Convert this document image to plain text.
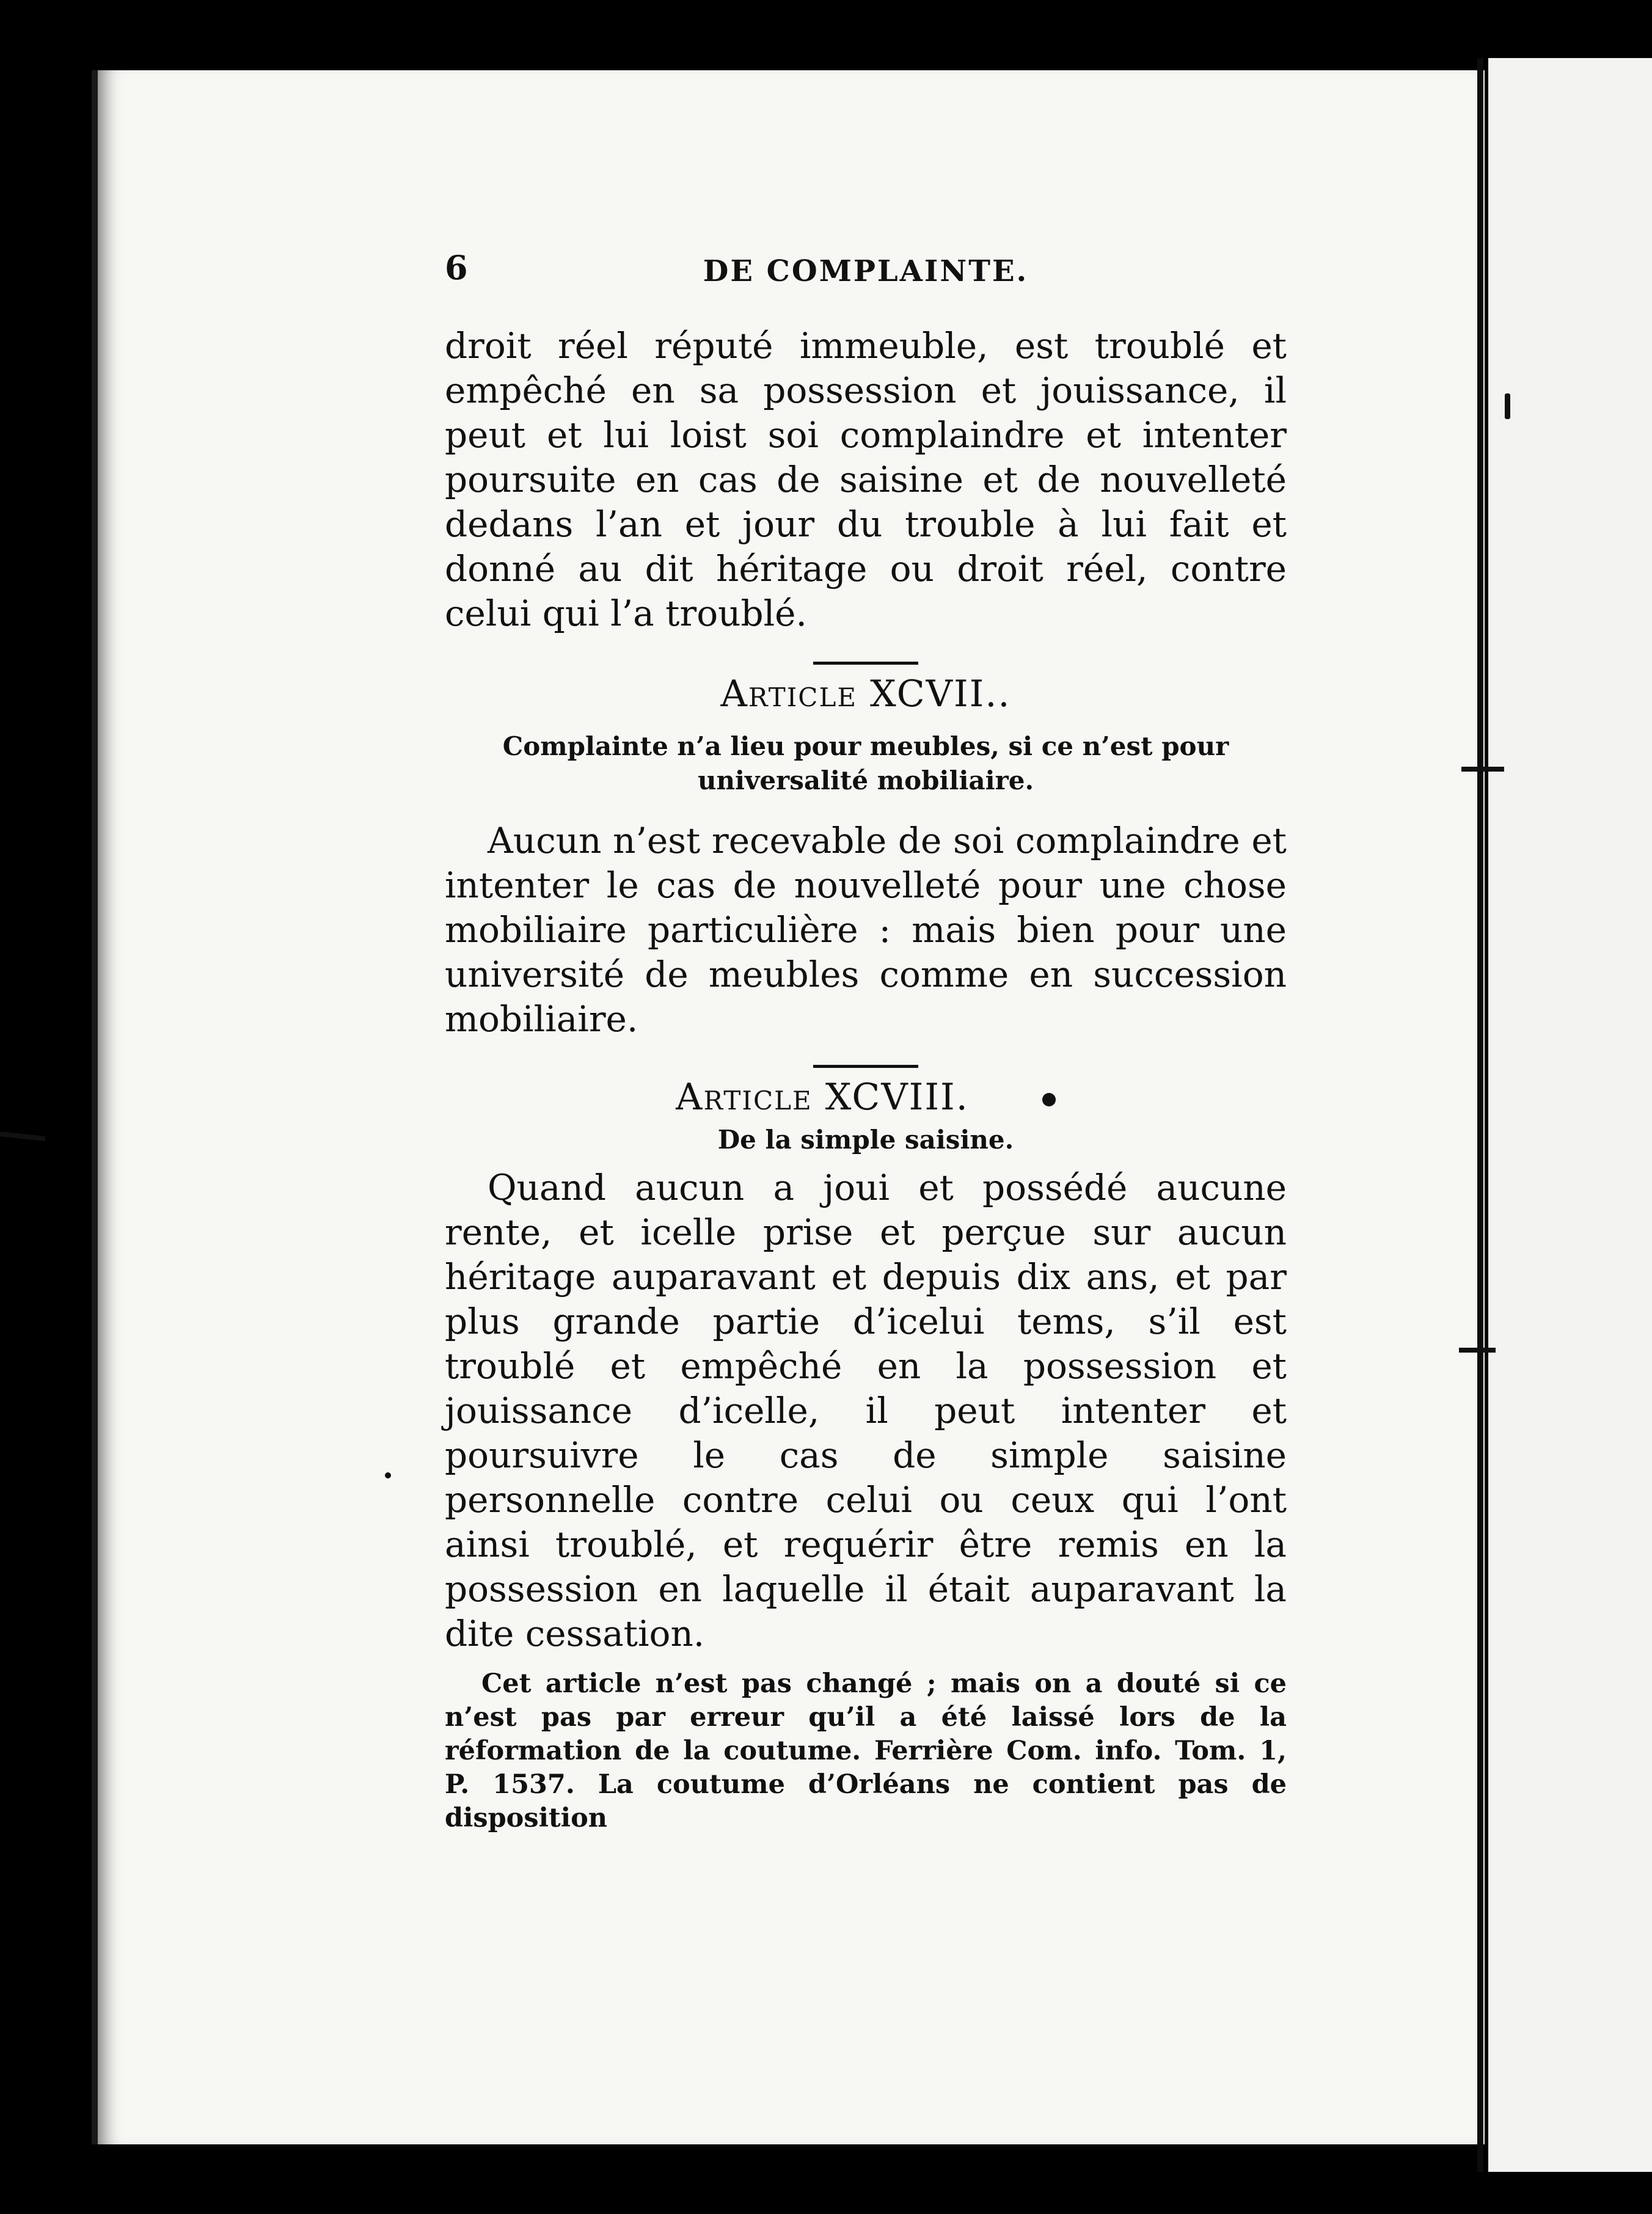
6	DE COMPLAINTE.

droit réel réputé immeuble, est troublé et empêché en sa possession et jouissance, il peut et lui loist soi complaindre et intenter poursuite en cas de saisine et de nouvelleté dedans l’an et jour du trouble à lui fait et donné au dit héritage ou droit réel, contre celui qui l’a troublé.

Article XCVII..

Complainte n’a lieu pour meubles, si ce n’est pour universalité mobiliaire.

Aucun n’est recevable de soi complaindre et intenter le cas de nouvelleté pour une chose mobiliaire particulière : mais bien pour une université de meubles comme en succession mobiliaire.

Article XCVIII.

De la simple saisine.

Quand aucun a joui et possédé aucune rente, et icelle prise et perçue sur aucun héritage auparavant et depuis dix ans, et par plus grande partie d’icelui tems, s’il est troublé et empêché en la possession et jouissance d’icelle, il peut intenter et poursuivre le cas de simple saisine personnelle contre celui ou ceux qui l’ont ainsi troublé, et requérir être remis en la possession en laquelle il était auparavant la dite cessation.

Cet article n’est pas changé ; mais on a douté si ce n’est pas par erreur qu’il a été laissé lors de la réformation de la coutume. Ferrière Com. info. Tom. 1, P. 1537. La coutume d’Orléans ne contient pas de disposition
